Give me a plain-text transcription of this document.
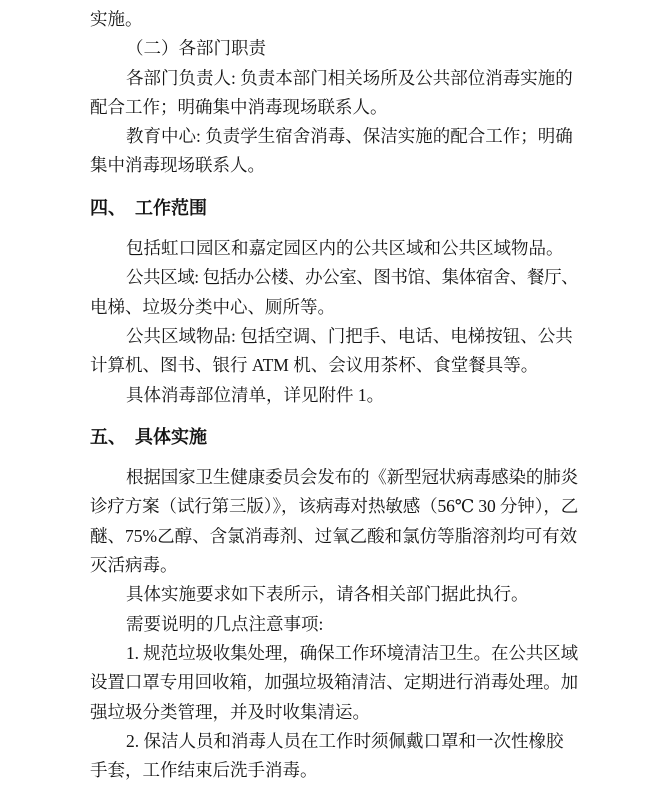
实施。
（二）各部门职责
各部门负责人: 负责本部门相关场所及公共部位消毒实施的
配合工作；明确集中消毒现场联系人。
教育中心: 负责学生宿舍消毒、保洁实施的配合工作；明确
集中消毒现场联系人。
四、　工作范围
包括虹口园区和嘉定园区内的公共区域和公共区域物品。
公共区域: 包括办公楼、办公室、图书馆、集体宿舍、餐厅、
电梯、垃圾分类中心、厕所等。
公共区域物品: 包括空调、门把手、电话、电梯按钮、公共
计算机、图书、银行 ATM 机、会议用茶杯、食堂餐具等。
具体消毒部位清单，详见附件 1。
五、　具体实施
根据国家卫生健康委员会发布的《新型冠状病毒感染的肺炎
诊疗方案（试行第三版）》，该病毒对热敏感（56℃ 30 分钟），乙
醚、75%乙醇、含氯消毒剂、过氧乙酸和氯仿等脂溶剂均可有效
灭活病毒。
具体实施要求如下表所示，请各相关部门据此执行。
需要说明的几点注意事项:
1. 规范垃圾收集处理，确保工作环境清洁卫生。在公共区域
设置口罩专用回收箱，加强垃圾箱清洁、定期进行消毒处理。加
强垃圾分类管理，并及时收集清运。
2. 保洁人员和消毒人员在工作时须佩戴口罩和一次性橡胶
手套，工作结束后洗手消毒。
